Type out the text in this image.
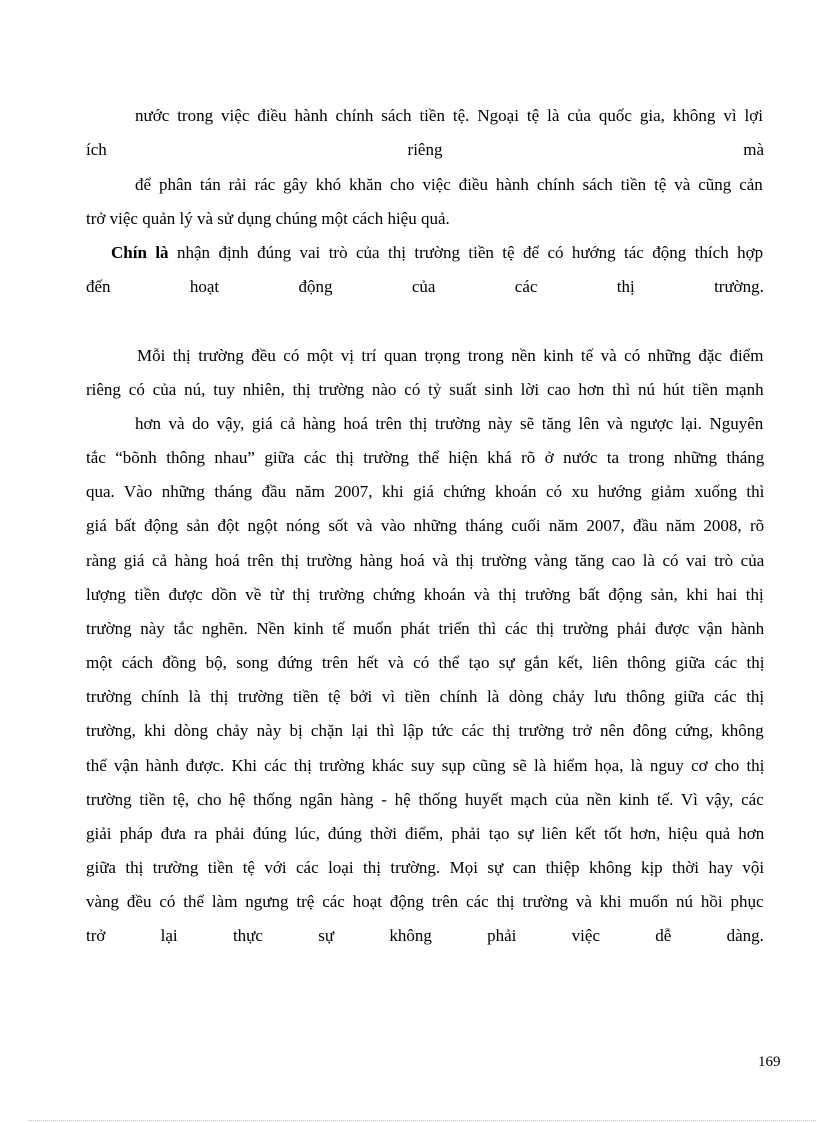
nước trong việc điều hành chính sách tiền tệ. Ngoại tệ là của quốc gia, không vì lợi
ích	riêng	mà
để phân tán rải rác gây khó khăn cho việc điều hành chính sách tiền tệ và cũng cản
trở việc quản lý và sử dụng chúng một cách hiệu quả.
Chín là nhận định đúng vai trò của thị trường tiền tệ để có hướng tác động thích hợp
đến	hoạt	động	của	các	thị	trường.
Mỗi thị trường đều có một vị trí quan trọng trong nền kinh tế và có những đặc điểm
riêng có của nú, tuy nhiên, thị trường nào có tỷ suất sinh lời cao hơn thì nú hút tiền mạnh
hơn và do vậy, giá cả hàng hoá trên thị trường này sẽ tăng lên và ngược lại. Nguyên
tắc “bõnh thông nhau” giữa các thị trường thể hiện khá rõ ở nước ta trong những tháng
qua. Vào những tháng đầu năm 2007, khi giá chứng khoán có xu hướng giảm xuống thì
giá bất động sản đột ngột nóng sốt và vào những tháng cuối năm 2007, đầu năm 2008, rõ
ràng giá cả hàng hoá trên thị trường hàng hoá và thị trường vàng tăng cao là có vai trò của
lượng tiền được dồn về từ thị trường chứng khoán và thị trường bất động sản, khi hai thị
trường này tắc nghẽn. Nền kinh tế muốn phát triển thì các thị trường phải được vận hành
một cách đồng bộ, song đứng trên hết và có thể tạo sự gắn kết, liên thông giữa các thị
trường chính là thị trường tiền tệ bởi vì tiền chính là dòng chảy lưu thông giữa các thị
trường, khi dòng chảy này bị chặn lại thì lập tức các thị trường trở nên đông cứng, không
thể vận hành được. Khi các thị trường khác suy sụp cũng sẽ là hiểm họa, là nguy cơ cho thị
trường tiền tệ, cho hệ thống ngân hàng - hệ thống huyết mạch của nền kinh tế. Vì vậy, các
giải pháp đưa ra phải đúng lúc, đúng thời điểm, phải tạo sự liên kết tốt hơn, hiệu quả hơn
giữa thị trường tiền tệ với các loại thị trường. Mọi sự can thiệp không kịp thời hay vội
vàng đều có thể làm ngưng trệ các hoạt động trên các thị trường và khi muốn nú hồi phục
trở	lại	thực	sự	không	phải	việc	dễ	dàng.
169
